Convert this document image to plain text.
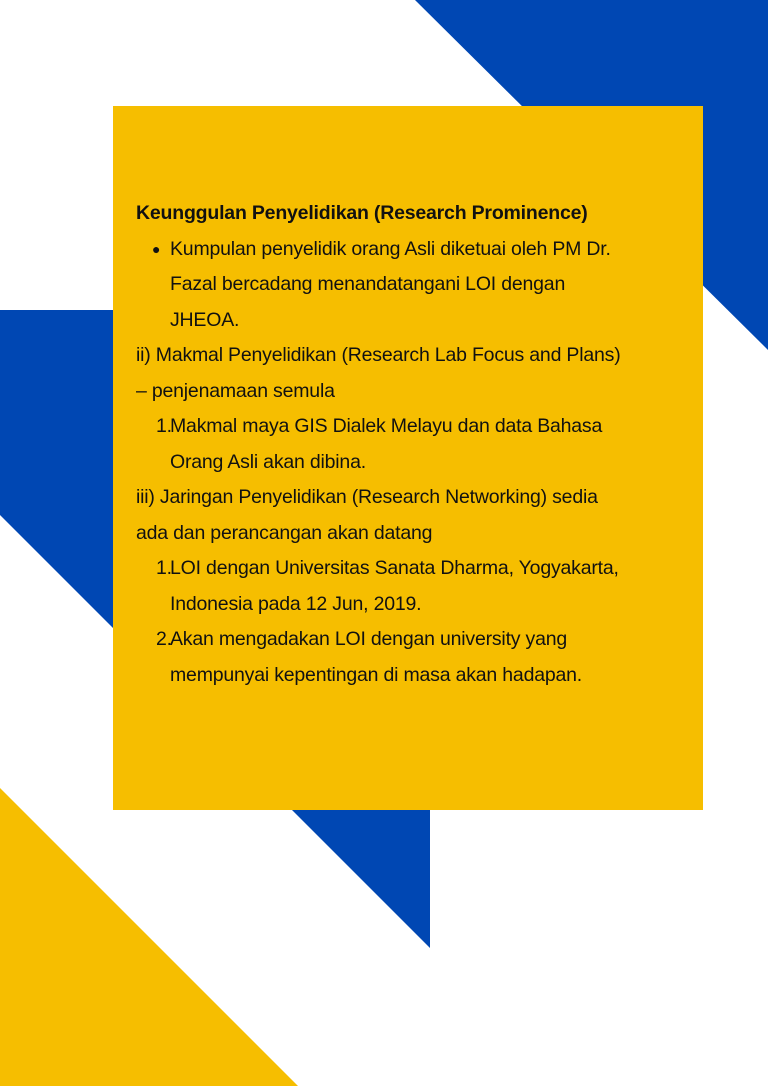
Keunggulan Penyelidikan (Research Prominence)
● Kumpulan penyelidik orang Asli diketuai oleh PM Dr.
Fazal bercadang menandatangani LOI dengan
JHEOA.
ii) Makmal Penyelidikan (Research Lab Focus and Plans)
– penjenamaan semula
1.
Makmal maya GIS Dialek Melayu dan data Bahasa
Orang Asli akan dibina.
iii) Jaringan Penyelidikan (Research Networking) sedia
ada dan perancangan akan datang
1.
LOI dengan Universitas Sanata Dharma, Yogyakarta,
Indonesia pada 12 Jun, 2019.
2.
Akan mengadakan LOI dengan university yang
mempunyai kepentingan di masa akan hadapan.
